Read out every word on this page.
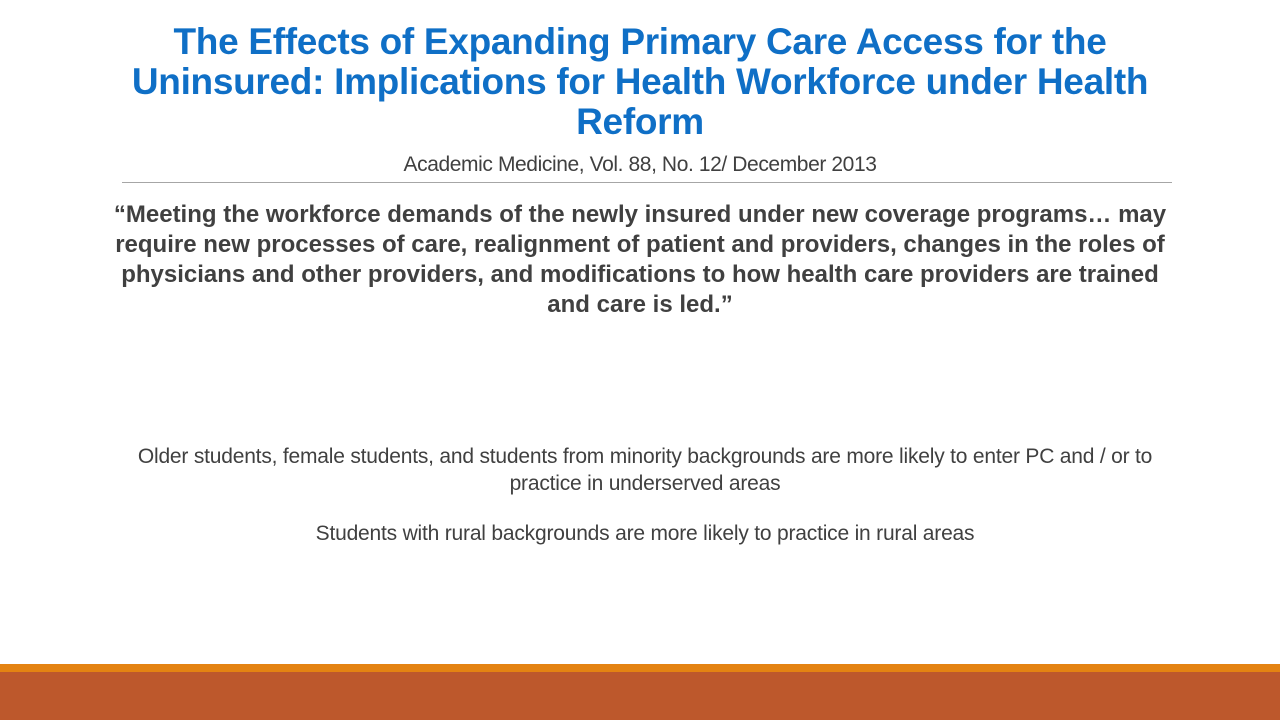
The Effects of Expanding Primary Care Access for the Uninsured: Implications for Health Workforce under Health Reform

Academic Medicine, Vol. 88, No. 12/ December 2013

“Meeting the workforce demands of the newly insured under new coverage programs… may require new processes of care, realignment of patient and providers, changes in the roles of physicians and other providers, and modifications to how health care providers are trained and care is led.”

Older students, female students, and students from minority backgrounds are more likely to enter PC and / or to practice in underserved areas

Students with rural backgrounds are more likely to practice in rural areas
